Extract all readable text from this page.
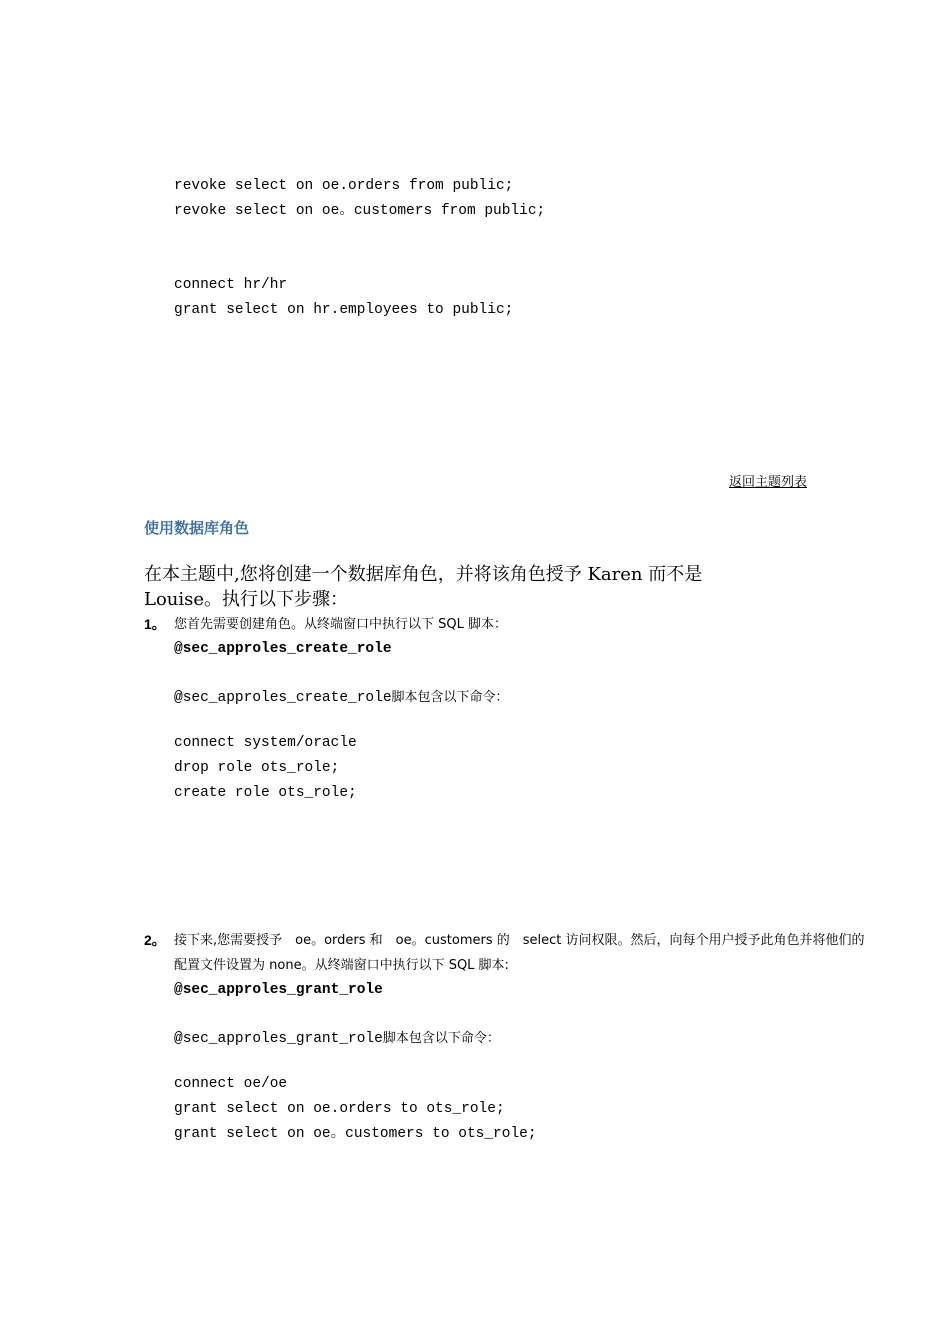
revoke select on oe.orders from public;
revoke select on oe。customers from public;
connect hr/hr
grant select on hr.employees to public;
返回主题列表
使用数据库角色
在本主题中,您将创建一个数据库角色，并将该角色授予 Karen 而不是
Louise。执行以下步骤：
1。 您首先需要创建角色。从终端窗口中执行以下 SQL 脚本：
@sec_approles_create_role
@sec_approles_create_role脚本包含以下命令：
connect system/oracle
drop role ots_role;
create role ots_role;
2。 接下来,您需要授予　oe。orders 和　oe。customers 的　select 访问权限。然后，向每个用户授予此角色并将他们的
配置文件设置为 none。从终端窗口中执行以下 SQL 脚本:
@sec_approles_grant_role
@sec_approles_grant_role脚本包含以下命令：
connect oe/oe
grant select on oe.orders to ots_role;
grant select on oe。customers to ots_role;
